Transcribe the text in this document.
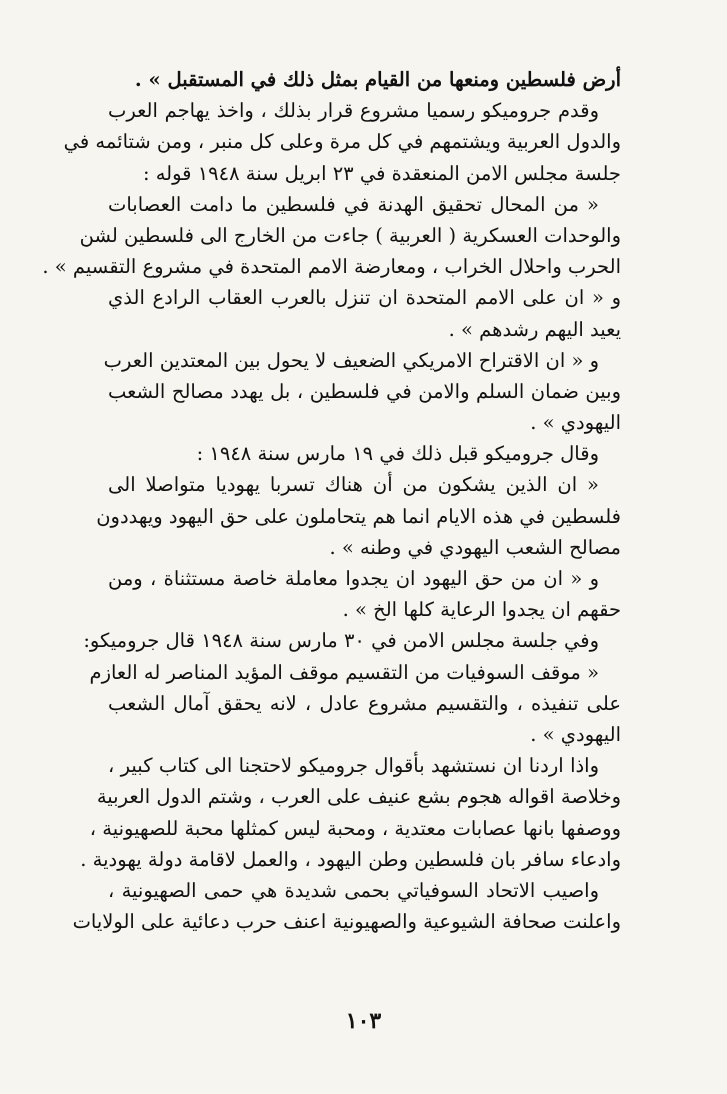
أرض فلسطين ومنعها من القيام بمثل ذلك في المستقبل » .
وقدم جروميكو رسميا مشروع قرار بذلك ، واخذ يهاجم العرب
والدول العربية ويشتمهم في كل مرة وعلى كل منبر ، ومن شتائمه في
جلسة مجلس الامن المنعقدة في ٢٣ ابريل سنة ١٩٤٨ قوله :
« من المحال تحقيق الهدنة في فلسطين ما دامت العصابات
والوحدات العسكرية ( العربية ) جاءت من الخارج الى فلسطين لشن
الحرب واحلال الخراب ، ومعارضة الامم المتحدة في مشروع التقسيم » .
و « ان على الامم المتحدة ان تنزل بالعرب العقاب الرادع الذي
يعيد اليهم رشدهم » .
و « ان الاقتراح الامريكي الضعيف لا يحول بين المعتدين العرب
وبين ضمان السلم والامن في فلسطين ، بل يهدد مصالح الشعب
اليهودي » .
وقال جروميكو قبل ذلك في ١٩ مارس سنة ١٩٤٨ :
« ان الذين يشكون من أن هناك تسربا يهوديا متواصلا الى
فلسطين في هذه الايام انما هم يتحاملون على حق اليهود ويهددون
مصالح الشعب اليهودي في وطنه » .
و « ان من حق اليهود ان يجدوا معاملة خاصة مستثناة ، ومن
حقهم ان يجدوا الرعاية كلها الخ » .
وفي جلسة مجلس الامن في ٣٠ مارس سنة ١٩٤٨ قال جروميكو:
« موقف السوفيات من التقسيم موقف المؤيد المناصر له العازم
على تنفيذه ، والتقسيم مشروع عادل ، لانه يحقق آمال الشعب
اليهودي » .
واذا اردنا ان نستشهد بأقوال جروميكو لاحتجنا الى كتاب كبير ،
وخلاصة اقواله هجوم بشع عنيف على العرب ، وشتم الدول العربية
ووصفها بانها عصابات معتدية ، ومحبة ليس كمثلها محبة للصهيونية ،
وادعاء سافر بان فلسطين وطن اليهود ، والعمل لاقامة دولة يهودية .
واصيب الاتحاد السوفياتي بحمى شديدة هي حمى الصهيونية ،
واعلنت صحافة الشيوعية والصهيونية اعنف حرب دعائية على الولايات
١٠٣
